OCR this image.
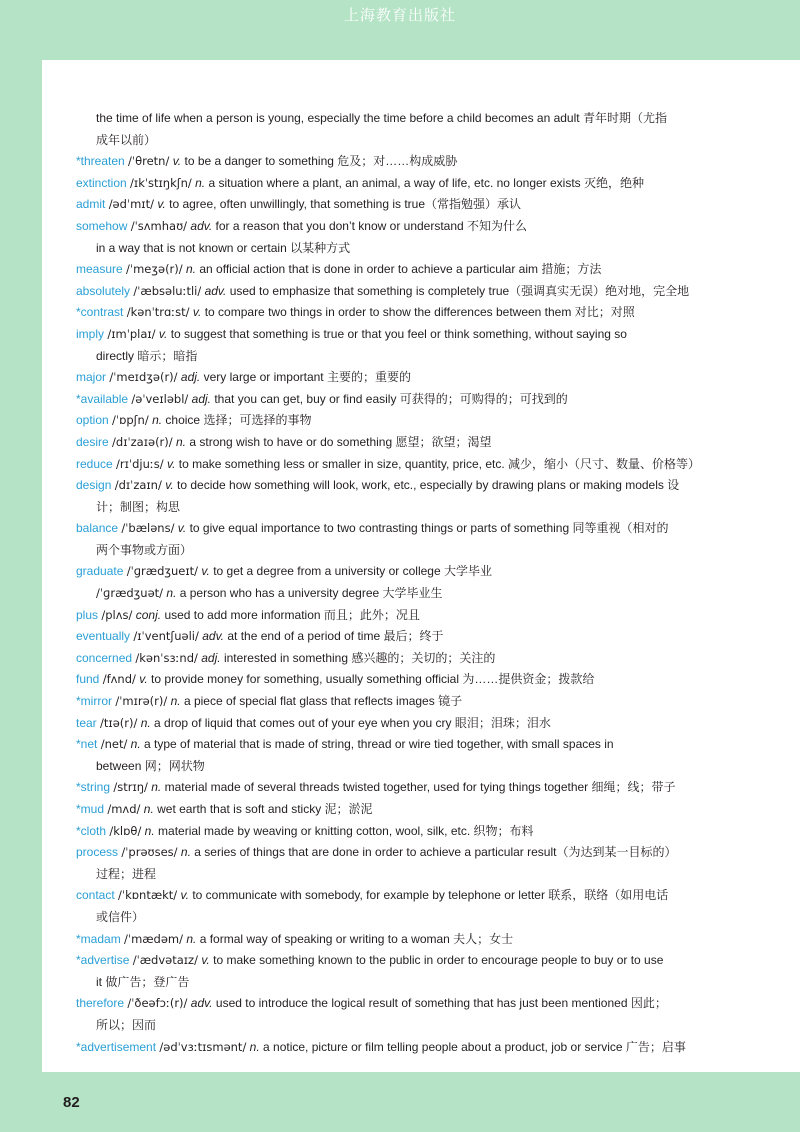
上海教育出版社
the time of life when a person is young, especially the time before a child becomes an adult 青年时期（尤指
成年以前）
*threaten /ˈθretn/ v. to be a danger to something 危及；对……构成威胁
extinction /ɪkˈstɪŋkʃn/ n. a situation where a plant, an animal, a way of life, etc. no longer exists 灭绝，绝种
admit /ədˈmɪt/ v. to agree, often unwillingly, that something is true（常指勉强）承认
somehow /ˈsʌmhaʊ/ adv. for a reason that you don’t know or understand 不知为什么
in a way that is not known or certain 以某种方式
measure /ˈmeʒə(r)/ n. an official action that is done in order to achieve a particular aim 措施；方法
absolutely /ˈæbsəluːtli/ adv. used to emphasize that something is completely true（强调真实无误）绝对地，完全地
*contrast /kənˈtrɑːst/ v. to compare two things in order to show the differences between them 对比；对照
imply /ɪmˈplaɪ/ v. to suggest that something is true or that you feel or think something, without saying so
directly 暗示；暗指
major /ˈmeɪdʒə(r)/ adj. very large or important 主要的；重要的
*available /əˈveɪləbl/ adj. that you can get, buy or find easily 可获得的；可购得的；可找到的
option /ˈɒpʃn/ n. choice 选择；可选择的事物
desire /dɪˈzaɪə(r)/ n. a strong wish to have or do something 愿望；欲望；渴望
reduce /rɪˈdjuːs/ v. to make something less or smaller in size, quantity, price, etc. 减少，缩小（尺寸、数量、价格等）
design /dɪˈzaɪn/ v. to decide how something will look, work, etc., especially by drawing plans or making models 设
计；制图；构思
balance /ˈbæləns/ v. to give equal importance to two contrasting things or parts of something 同等重视（相对的
两个事物或方面）
graduate /ˈɡrædʒueɪt/ v. to get a degree from a university or college 大学毕业
/ˈɡrædʒuət/ n. a person who has a university degree 大学毕业生
plus /plʌs/ conj. used to add more information 而且；此外；况且
eventually /ɪˈventʃuəli/ adv. at the end of a period of time 最后；终于
concerned /kənˈsɜːnd/ adj. interested in something 感兴趣的；关切的；关注的
fund /fʌnd/ v. to provide money for something, usually something official 为……提供资金；拨款给
*mirror /ˈmɪrə(r)/ n. a piece of special flat glass that reflects images 镜子
tear /tɪə(r)/ n. a drop of liquid that comes out of your eye when you cry 眼泪；泪珠；泪水
*net /net/ n. a type of material that is made of string, thread or wire tied together, with small spaces in
between 网；网状物
*string /strɪŋ/ n. material made of several threads twisted together, used for tying things together 细绳；线；带子
*mud /mʌd/ n. wet earth that is soft and sticky 泥；淤泥
*cloth /klɒθ/ n. material made by weaving or knitting cotton, wool, silk, etc. 织物；布料
process /ˈprəʊses/ n. a series of things that are done in order to achieve a particular result（为达到某一目标的）
过程；进程
contact /ˈkɒntækt/ v. to communicate with somebody, for example by telephone or letter 联系，联络（如用电话
或信件）
*madam /ˈmædəm/ n. a formal way of speaking or writing to a woman 夫人；女士
*advertise /ˈædvətaɪz/ v. to make something known to the public in order to encourage people to buy or to use
it 做广告；登广告
therefore /ˈðeəfɔː(r)/ adv. used to introduce the logical result of something that has just been mentioned 因此；
所以；因而
*advertisement /ədˈvɜːtɪsmənt/ n. a notice, picture or film telling people about a product, job or service 广告；启事
82
